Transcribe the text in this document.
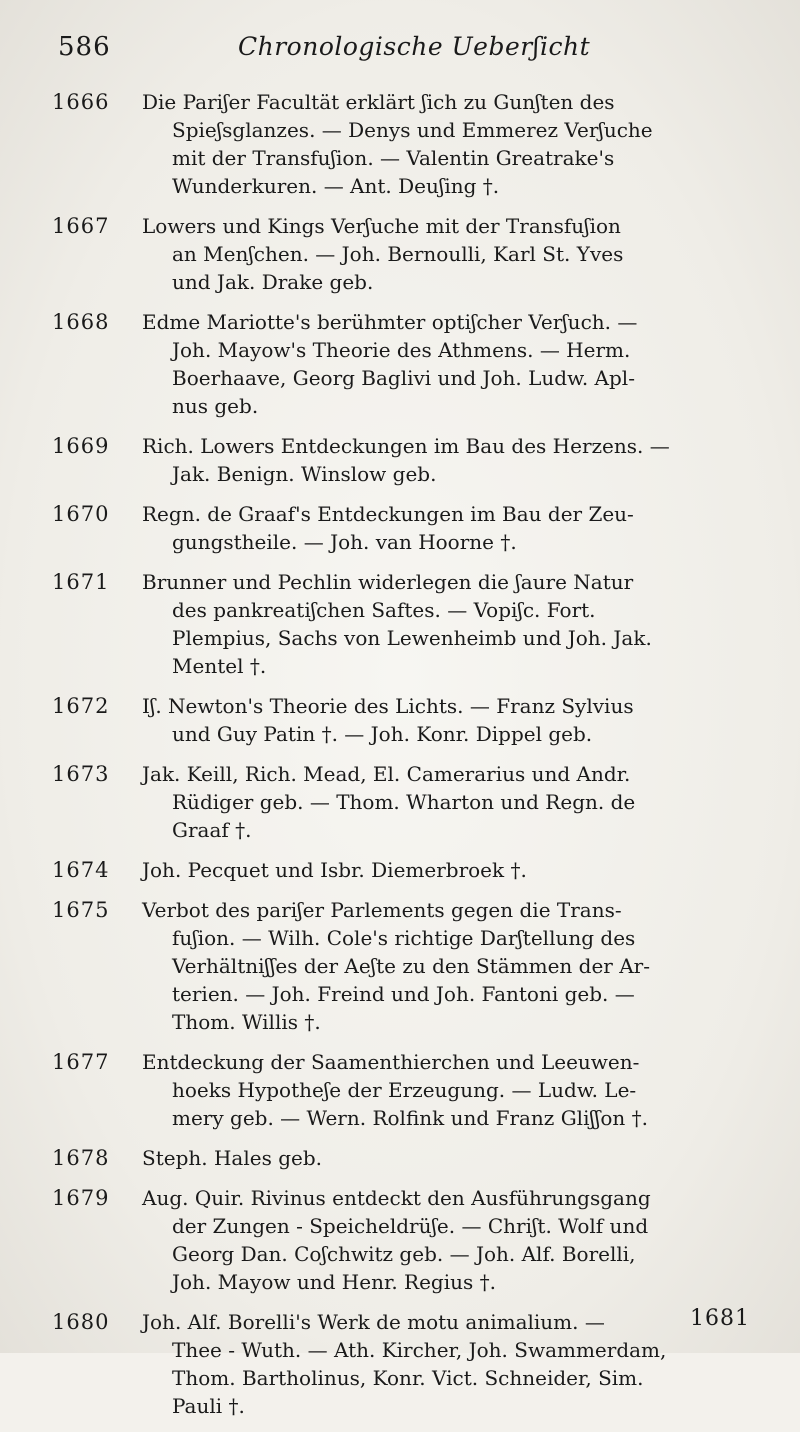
586	Chronologische Ueberʃicht
1666	Die Pariʃer Facultät erklärt ʃich zu Gunʃten des
Spieʃsglanzes. — Denys und Emmerez Verʃuche
mit der Transfuʃion. — Valentin Greatrake's
Wunderkuren. — Ant. Deuʃing †.
1667	Lowers und Kings Verʃuche mit der Transfuʃion
an Menʃchen. — Joh. Bernoulli, Karl St. Yves
und Jak. Drake geb.
1668	Edme Mariotte's berühmter optiʃcher Verʃuch. —
Joh. Mayow's Theorie des Athmens. — Herm.
Boerhaave, Georg Baglivi und Joh. Ludw. Apl-
nus geb.
1669	Rich. Lowers Entdeckungen im Bau des Herzens. —
Jak. Benign. Winslow geb.
1670	Regn. de Graaf's Entdeckungen im Bau der Zeu-
gungstheile. — Joh. van Hoorne †.
1671	Brunner und Pechlin widerlegen die ʃaure Natur
des pankreatiʃchen Saftes. — Vopiʃc. Fort.
Plempius, Sachs von Lewenheimb und Joh. Jak.
Mentel †.
1672	Iʃ. Newton's Theorie des Lichts. — Franz Sylvius
und Guy Patin †. — Joh. Konr. Dippel geb.
1673	Jak. Keill, Rich. Mead, El. Camerarius und Andr.
Rüdiger geb. — Thom. Wharton und Regn. de
Graaf †.
1674	Joh. Pecquet und Isbr. Diemerbroek †.
1675	Verbot des pariʃer Parlements gegen die Trans-
fuʃion. — Wilh. Cole's richtige Darʃtellung des
Verhältniʃʃes der Aeʃte zu den Stämmen der Ar-
terien. — Joh. Freind und Joh. Fantoni geb. —
Thom. Willis †.
1677	Entdeckung der Saamenthierchen und Leeuwen-
hoeks Hypotheʃe der Erzeugung. — Ludw. Le-
mery geb. — Wern. Rolfink und Franz Gliʃʃon †.
1678	Steph. Hales geb.
1679	Aug. Quir. Rivinus entdeckt den Ausführungsgang
der Zungen - Speicheldrüʃe. — Chriʃt. Wolf und
Georg Dan. Coʃchwitz geb. — Joh. Alf. Borelli,
Joh. Mayow und Henr. Regius †.
1680	Joh. Alf. Borelli's Werk de motu animalium. —
Thee - Wuth. — Ath. Kircher, Joh. Swammerdam,
Thom. Bartholinus, Konr. Vict. Schneider, Sim.
Pauli †.
1681
